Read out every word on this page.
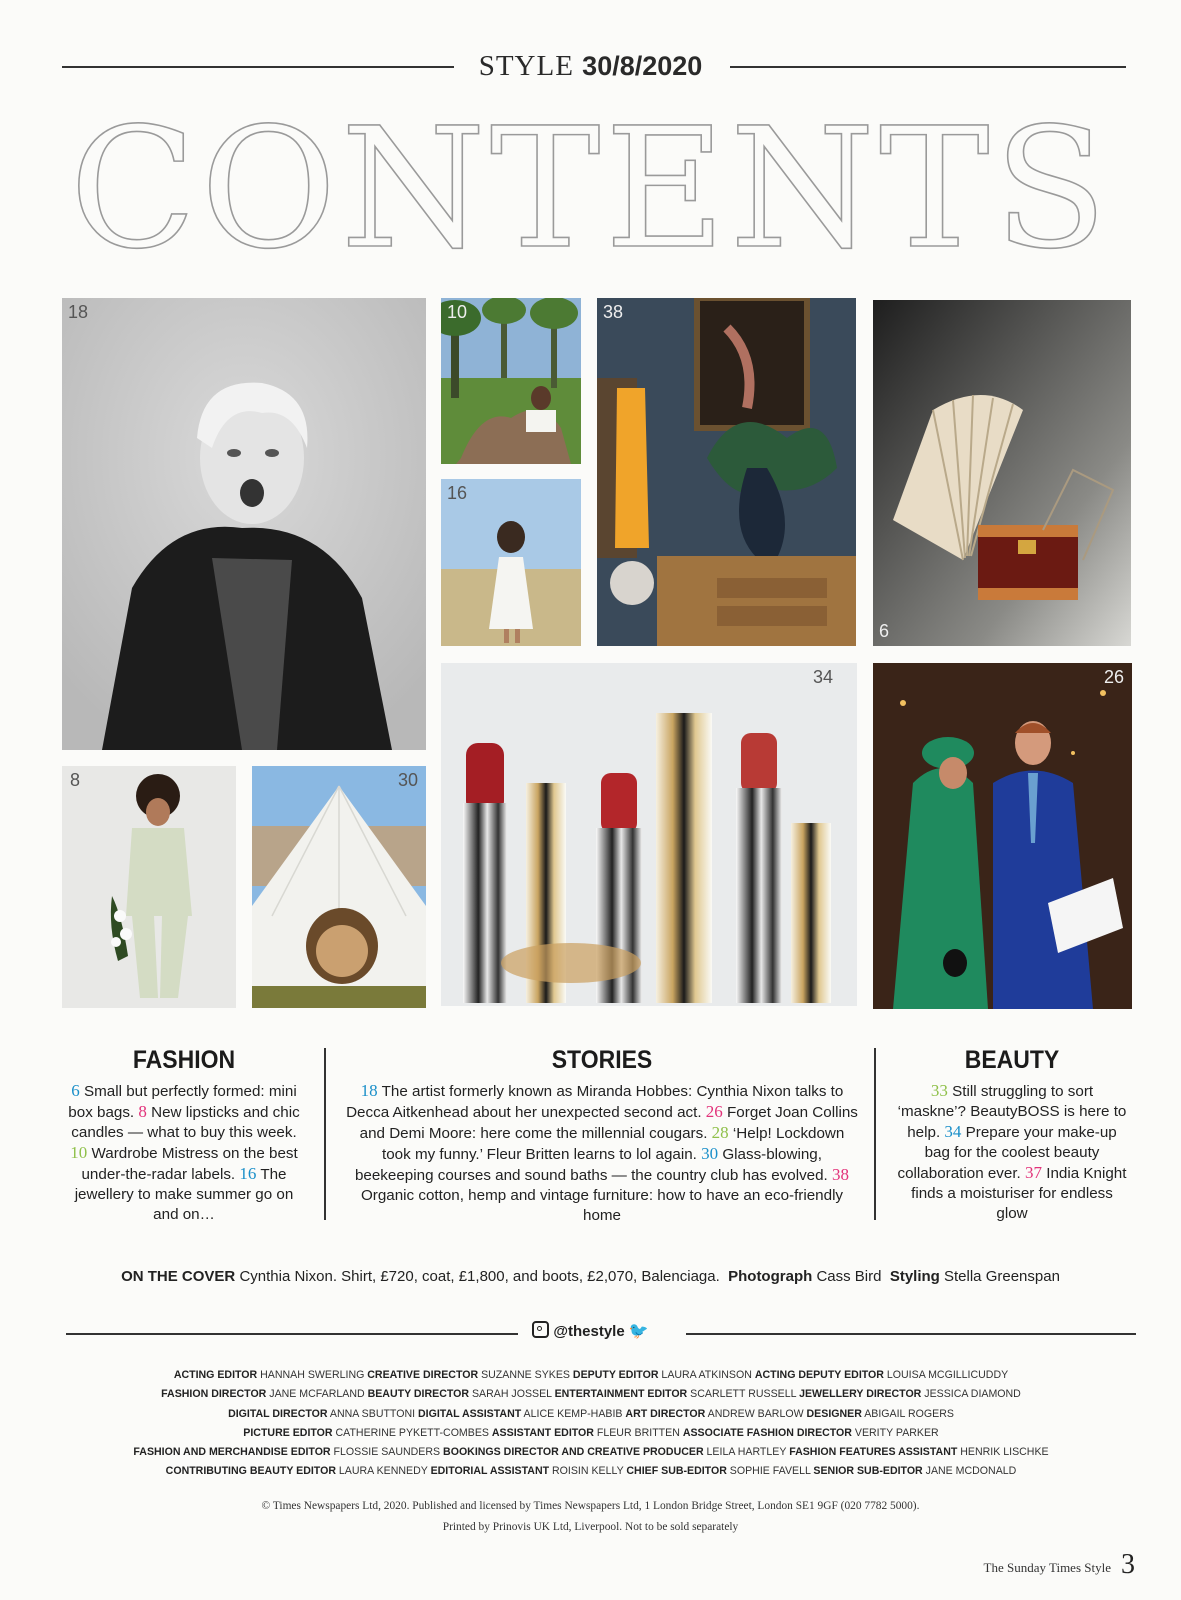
STYLE 30/8/2020
CONTENTS
18	10	38
6
16
34	26
8	30
FASHION

6 Small but perfectly formed: mini box bags. 8 New lipsticks and chic candles — what to buy this week. 10 Wardrobe Mistress on the best under-the-radar labels. 16 The jewellery to make summer go on and on…

STORIES

18 The artist formerly known as Miranda Hobbes: Cynthia Nixon talks to Decca Aitkenhead about her unexpected second act. 26 Forget Joan Collins and Demi Moore: here come the millennial cougars. 28 ‘Help! Lockdown took my funny.’ Fleur Britten learns to lol again. 30 Glass-blowing, beekeeping courses and sound baths — the country club has evolved. 38 Organic cotton, hemp and vintage furniture: how to have an eco-friendly home

BEAUTY

33 Still struggling to sort ‘maskne’? BeautyBOSS is here to help. 34 Prepare your make-up bag for the coolest beauty collaboration ever. 37 India Knight finds a moisturiser for endless glow

ON THE COVER Cynthia Nixon. Shirt, £720, coat, £1,800, and boots, £2,070, Balenciaga. Photograph Cass Bird Styling Stella Greenspan
@thestyle 🐦
ACTING EDITOR HANNAH SWERLING CREATIVE DIRECTOR SUZANNE SYKES DEPUTY EDITOR LAURA ATKINSON ACTING DEPUTY EDITOR LOUISA MCGILLICUDDY
FASHION DIRECTOR JANE MCFARLAND BEAUTY DIRECTOR SARAH JOSSEL ENTERTAINMENT EDITOR SCARLETT RUSSELL JEWELLERY DIRECTOR JESSICA DIAMOND
DIGITAL DIRECTOR ANNA SBUTTONI DIGITAL ASSISTANT ALICE KEMP-HABIB ART DIRECTOR ANDREW BARLOW DESIGNER ABIGAIL ROGERS
PICTURE EDITOR CATHERINE PYKETT-COMBES ASSISTANT EDITOR FLEUR BRITTEN ASSOCIATE FASHION DIRECTOR VERITY PARKER
FASHION AND MERCHANDISE EDITOR FLOSSIE SAUNDERS BOOKINGS DIRECTOR AND CREATIVE PRODUCER LEILA HARTLEY FASHION FEATURES ASSISTANT HENRIK LISCHKE
CONTRIBUTING BEAUTY EDITOR LAURA KENNEDY EDITORIAL ASSISTANT ROISIN KELLY CHIEF SUB-EDITOR SOPHIE FAVELL SENIOR SUB-EDITOR JANE MCDONALD
© Times Newspapers Ltd, 2020. Published and licensed by Times Newspapers Ltd, 1 London Bridge Street, London SE1 9GF (020 7782 5000).
Printed by Prinovis UK Ltd, Liverpool. Not to be sold separately
The Sunday Times Style 3
